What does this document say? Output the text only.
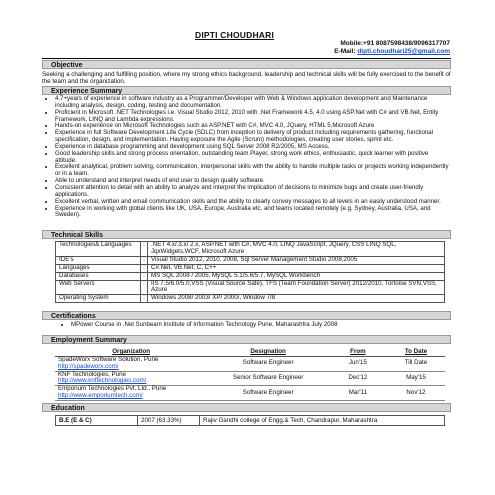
DIPTI CHOUDHARI
Mobile:+91 8087598438/9096317707
E-Mail: dipti.choudhari25@gmail.com
Objective
Seeking a challenging and fulfilling position, where my strong ethics background, leadership and technical skills will be fully exercised to the benefit of the team and the organization.
Experience Summary
• 4.7+years of experience in software industry as a Programmer/Developer with Web & Windows application development and Maintenance including analysis, design, coding, testing and documentation.
• Proficient in Microsoft .NET Technologies i.e. Visual Studio 2012, 2010 with .Net Framework 4.5, 4.0 using ASP.Net with C# and VB.Net, Entity Framework, LINQ and Lambda expressions.
• Hands-on experience on Microsoft Technologies such as ASP.NET with C#, MVC 4.0, JQuery, HTML 5,Microsoft Azure
• Experience in full Software Development Life Cycle (SDLC) from inception to delivery of product including requirements gathering, functional specification, design, and implementation. Having exposure the Agile (Scrum) methodologies, creating user stories, sprint etc.
• Experience in database programming and development using SQL Server 2008 R2/2005, MS Access.
• Good leadership skills and strong process orientation, outstanding team Player, strong work ethics, enthusiastic, quick learner with positive attitude.
• Excellent analytical, problem solving, communication, interpersonal skills with the ability to handle multiple tasks or projects working independently or in a team.
• Able to understand and interpret needs of end user to design quality software.
• Consistent attention to detail with an ability to analyze and interpret the implication of decisions to minimize bugs and create user-friendly applications.
• Excellent verbal, written and email communication skills and the ability to clearly convey messages to all levels in an easily understood manner.
• Experience in working with global clients like UK, USA, Europe, Australia etc. and teams located remotely (e.g. Sydney, Australia, USA, and Sweden).
Technical Skills
Technologies& Languages	:	.NET 4.x/.3.x/ 2.x, ASP.NET with C#, MVC 4.0, LINQ JavaScript, JQuery, CSS LINQ SQL, JqxWidgets,WCF, Microsoft Azure
IDE's	:	Visual Studio 2012, 2010, 2008, Sql Server Management Studio 2008,2005
Languages	:	C#.Net, VB.Net, C, C++
Databases	:	MS SQL 2008 / 2005, MySQL 5.1/5.6/5.7, MySQL Workbench
Web Servers	:	IIS 7.5/6.0/5.0,VSS (Visual Source Safe), TFS (Team Foundation Server) 2012/2010, Tortoise SVN,VSS, Azure
Operating System	:	Windows 2008/ 2003/ XP/ 2000/, Window 7/8
Certifications
• MPower Course in .Net Sunbeam Institute of Information Technology Pune, Maharashtra July 2008
Employment Summary
Organization	Designation	From	To Date

SpadeWorx Software Solution, Pune
http://spadeworx.com/	Software Engineer	Jun'15	Till Date

KNF Technologies, Pune
http://www.knftechnologies.com/	Senior Software Engineer	Dec'12	May'15

Emporium Technologies Pvt. Ltd., Pune
http://www.emporiumtech.com/	Software Engineer	Mar'11	Nov'12
Education
B.E (E & C)	2007 (63.33%)	Rajiv Gandhi college of Engg.& Tech, Chandrapur, Maharashtra
